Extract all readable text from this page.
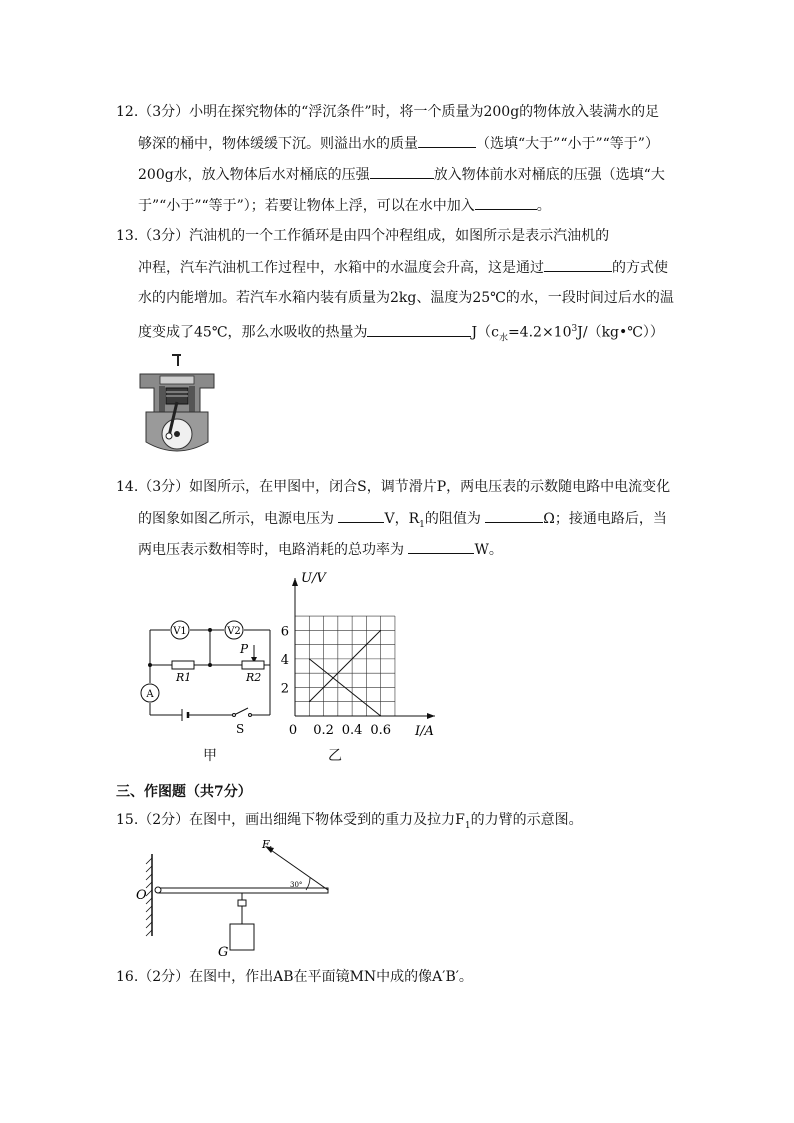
12.（3分）小明在探究物体的“浮沉条件”时，将一个质量为200g的物体放入装满水的足
够深的桶中，物体缓缓下沉。则溢出水的质量	（选填“大于”“小于”“等于”）
200g水，放入物体后水对桶底的压强	放入物体前水对桶底的压强（选填“大
于”“小于”“等于”）；若要让物体上浮，可以在水中加入	。
13.（3分）汽油机的一个工作循环是由四个冲程组成，如图所示是表示汽油机的
冲程，汽车汽油机工作过程中，水箱中的水温度会升高，这是通过	的方式使
水的内能增加。若汽车水箱内装有质量为2kg、温度为25℃的水，一段时间过后水的温
度变成了45℃，那么水吸收的热量为	$J(c_水=4.2\times 10^3J/(kg•℃))$
14.（3分）如图所示，在甲图中，闭合S，调节滑片P，两电压表的示数随电路中电流变化
的图象如图乙所示，电源电压为	V，$R_1$的阻值为	Ω；接通电路后，当
两电压表示数相等时，电路消耗的总功率为	W。
V1	V2
A
P
R1	R2
S
甲
2
4
6
0 0.2 0.4 0.6
U/V
I/A
乙
三、作图题（共7分）
15.（2分）在图中，画出细绳下物体受到的重力及拉力$F_1$的力臂的示意图。
O
F 1
30°
G
16.（2分）在图中，作出AB在平面镜MN中成的像A′B′。
